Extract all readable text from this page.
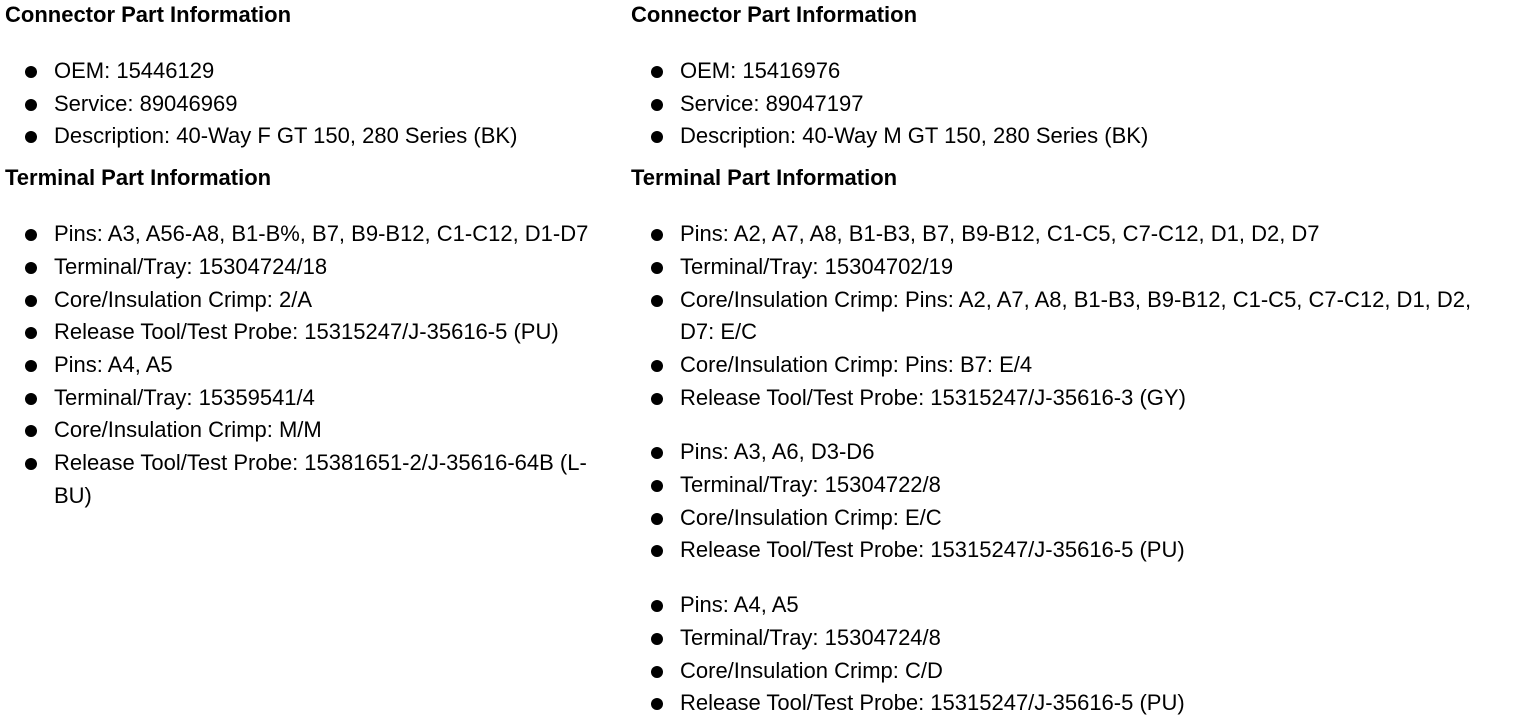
Connector Part Information
OEM: 15446129
Service: 89046969
Description: 40-Way F GT 150, 280 Series (BK)
Terminal Part Information
Pins: A3, A56-A8, B1-B%, B7, B9-B12, C1-C12, D1-D7
Terminal/Tray: 15304724/18
Core/Insulation Crimp: 2/A
Release Tool/Test Probe: 15315247/J-35616-5 (PU)
Pins: A4, A5
Terminal/Tray: 15359541/4
Core/Insulation Crimp: M/M
Release Tool/Test Probe: 15381651-2/J-35616-64B (L-BU)
Connector Part Information
OEM: 15416976
Service: 89047197
Description: 40-Way M GT 150, 280 Series (BK)
Terminal Part Information
Pins: A2, A7, A8, B1-B3, B7, B9-B12, C1-C5, C7-C12, D1, D2, D7
Terminal/Tray: 15304702/19
Core/Insulation Crimp: Pins: A2, A7, A8, B1-B3, B9-B12, C1-C5, C7-C12, D1, D2, D7: E/C
Core/Insulation Crimp: Pins: B7: E/4
Release Tool/Test Probe: 15315247/J-35616-3 (GY)
Pins: A3, A6, D3-D6
Terminal/Tray: 15304722/8
Core/Insulation Crimp: E/C
Release Tool/Test Probe: 15315247/J-35616-5 (PU)
Pins: A4, A5
Terminal/Tray: 15304724/8
Core/Insulation Crimp: C/D
Release Tool/Test Probe: 15315247/J-35616-5 (PU)
